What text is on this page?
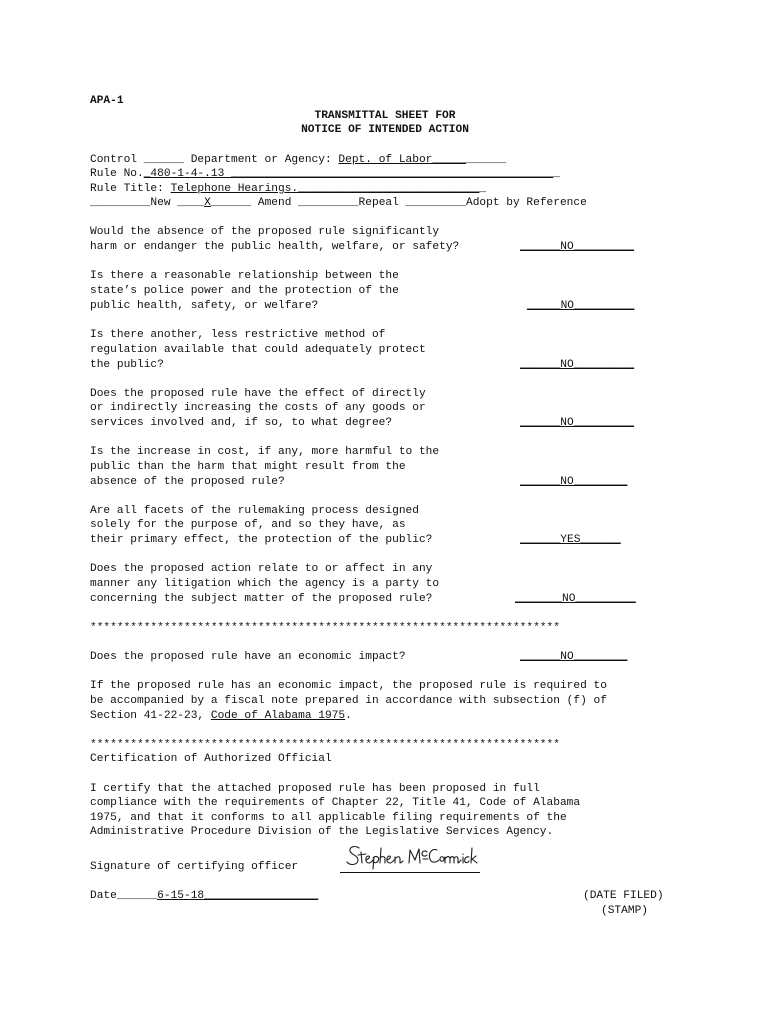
APA-1
TRANSMITTAL SHEET FOR
NOTICE OF INTENDED ACTION
Control ______ Department or Agency: Dept. of Labor___________
Rule No._480-1-4-.13 _________________________________________________
Rule Title: Telephone Hearings.____________________________
_________New ____X______ Amend _________Repeal _________Adopt by Reference
Would the absence of the proposed rule significantly
harm or endanger the public health, welfare, or safety?	______NO_________
Is there a reasonable relationship between the
state’s police power and the protection of the
public health, safety, or welfare?	_____NO_________
Is there another, less restrictive method of
regulation available that could adequately protect
the public?	______NO_________
Does the proposed rule have the effect of directly
or indirectly increasing the costs of any goods or
services involved and, if so, to what degree?	______NO_________
Is the increase in cost, if any, more harmful to the
public than the harm that might result from the
absence of the proposed rule?	______NO________
Are all facets of the rulemaking process designed
solely for the purpose of, and so they have, as
their primary effect, the protection of the public?	______YES______
Does the proposed action relate to or affect in any
manner any litigation which the agency is a party to
concerning the subject matter of the proposed rule?	_______NO_________
**********************************************************************
Does the proposed rule have an economic impact?	______NO________
If the proposed rule has an economic impact, the proposed rule is required to
be accompanied by a fiscal note prepared in accordance with subsection (f) of
Section 41-22-23, Code of Alabama 1975.
**********************************************************************
Certification of Authorized Official
I certify that the attached proposed rule has been proposed in full
compliance with the requirements of Chapter 22, Title 41, Code of Alabama
1975, and that it conforms to all applicable filing requirements of the
Administrative Procedure Division of the Legislative Services Agency.
Signature of certifying officer
Date______6-15-18_________________	(DATE FILED)
(STAMP)
